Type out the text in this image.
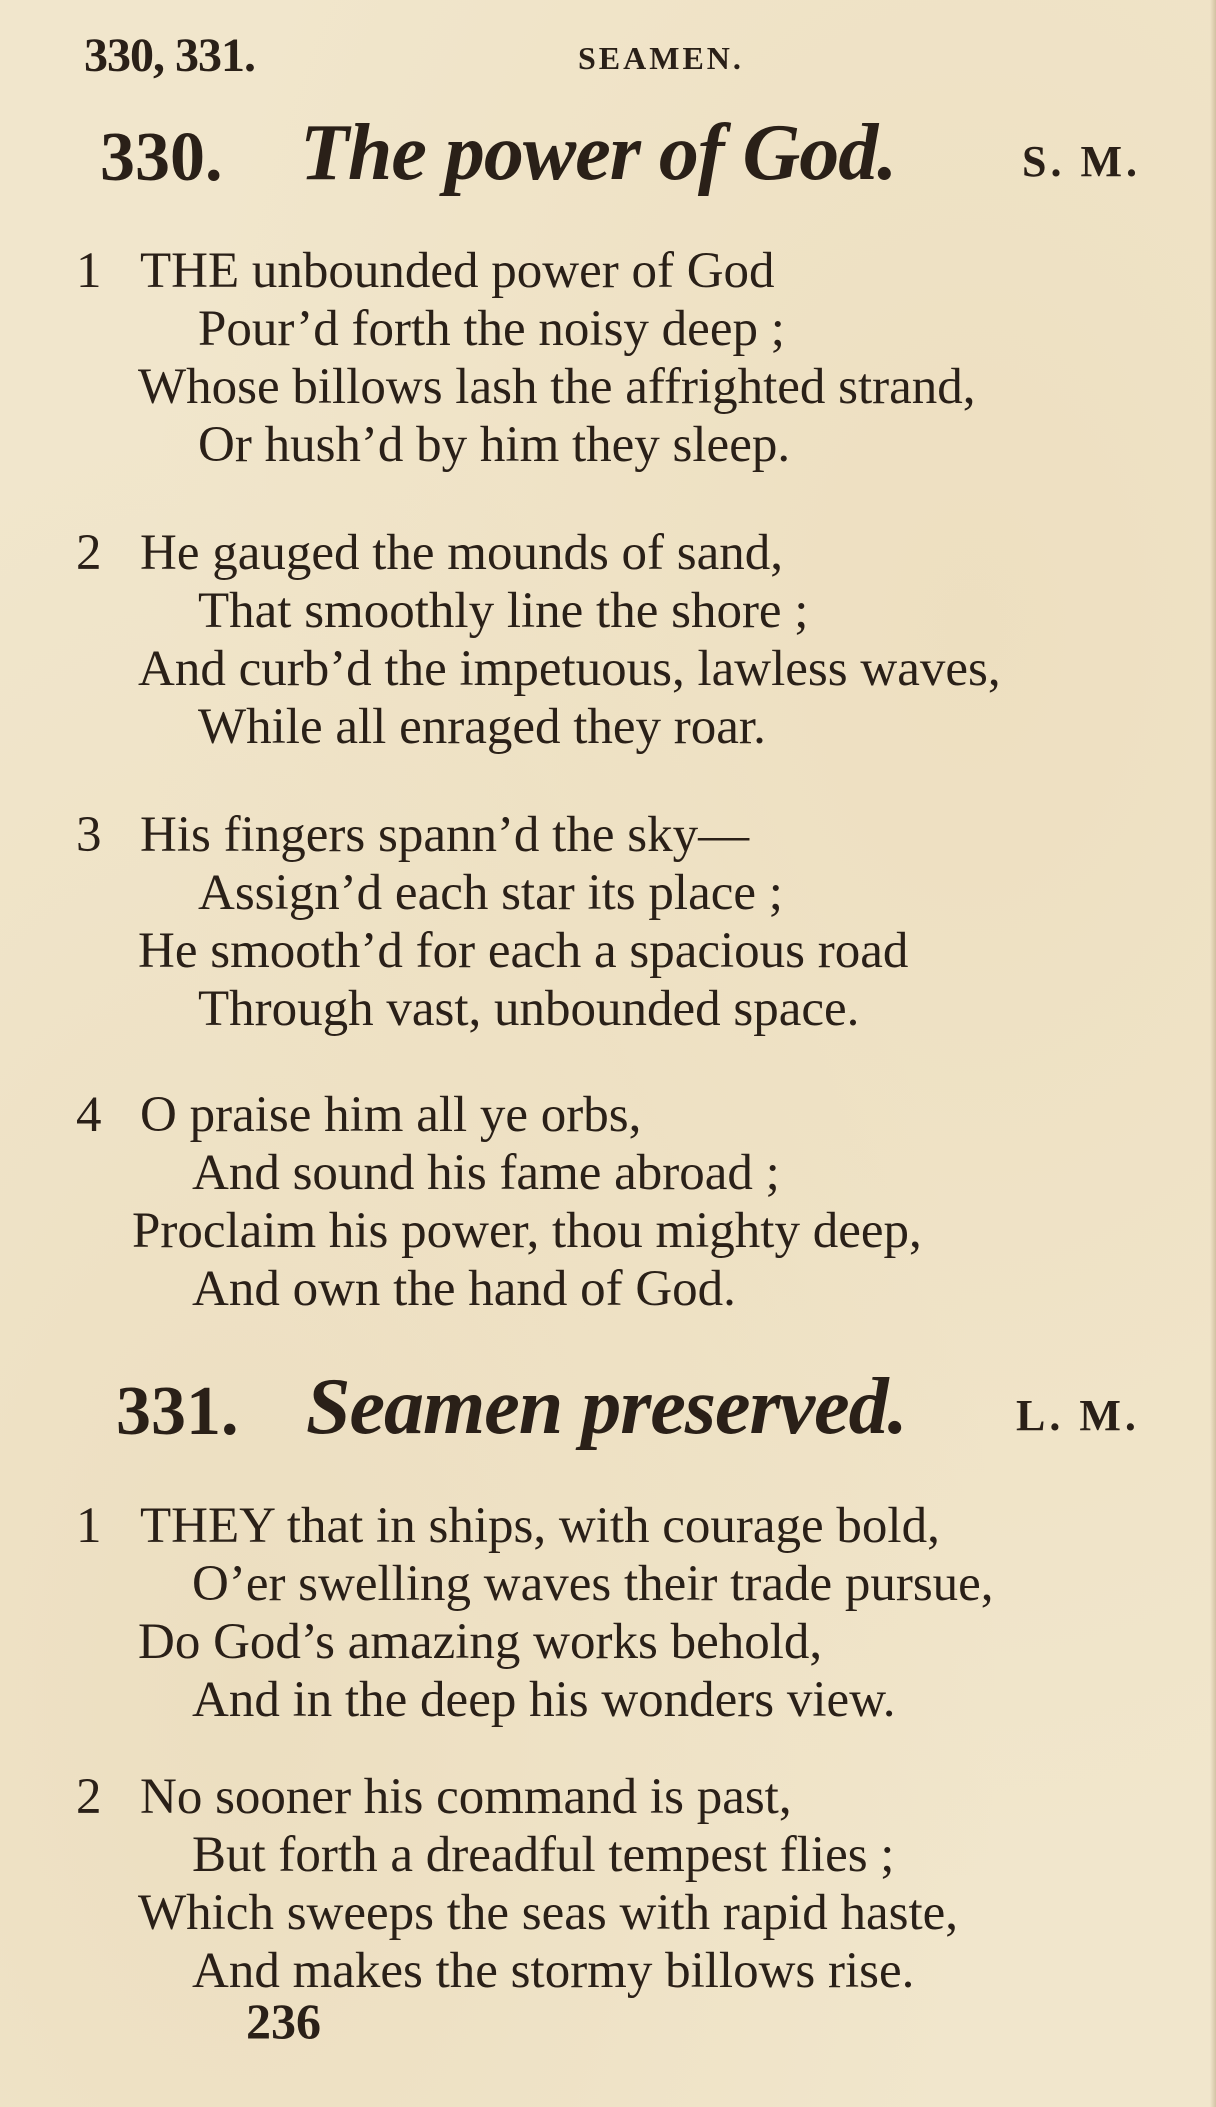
330, 331.	SEAMEN.
330. The power of God.	S. M.
1 THE unbounded power of God
Pour’d forth the noisy deep ;
Whose billows lash the affrighted strand,
Or hush’d by him they sleep.
2 He gauged the mounds of sand,
That smoothly line the shore ;
And curb’d the impetuous, lawless waves,
While all enraged they roar.
3 His fingers spann’d the sky—
Assign’d each star its place ;
He smooth’d for each a spacious road
Through vast, unbounded space.
4 O praise him all ye orbs,
And sound his fame abroad ;
Proclaim his power, thou mighty deep,
And own the hand of God.
331. Seamen preserved. L. M.
1 THEY that in ships, with courage bold,
O’er swelling waves their trade pursue,
Do God’s amazing works behold,
And in the deep his wonders view.
2 No sooner his command is past,
But forth a dreadful tempest flies ;
Which sweeps the seas with rapid haste,
And makes the stormy billows rise.
236
